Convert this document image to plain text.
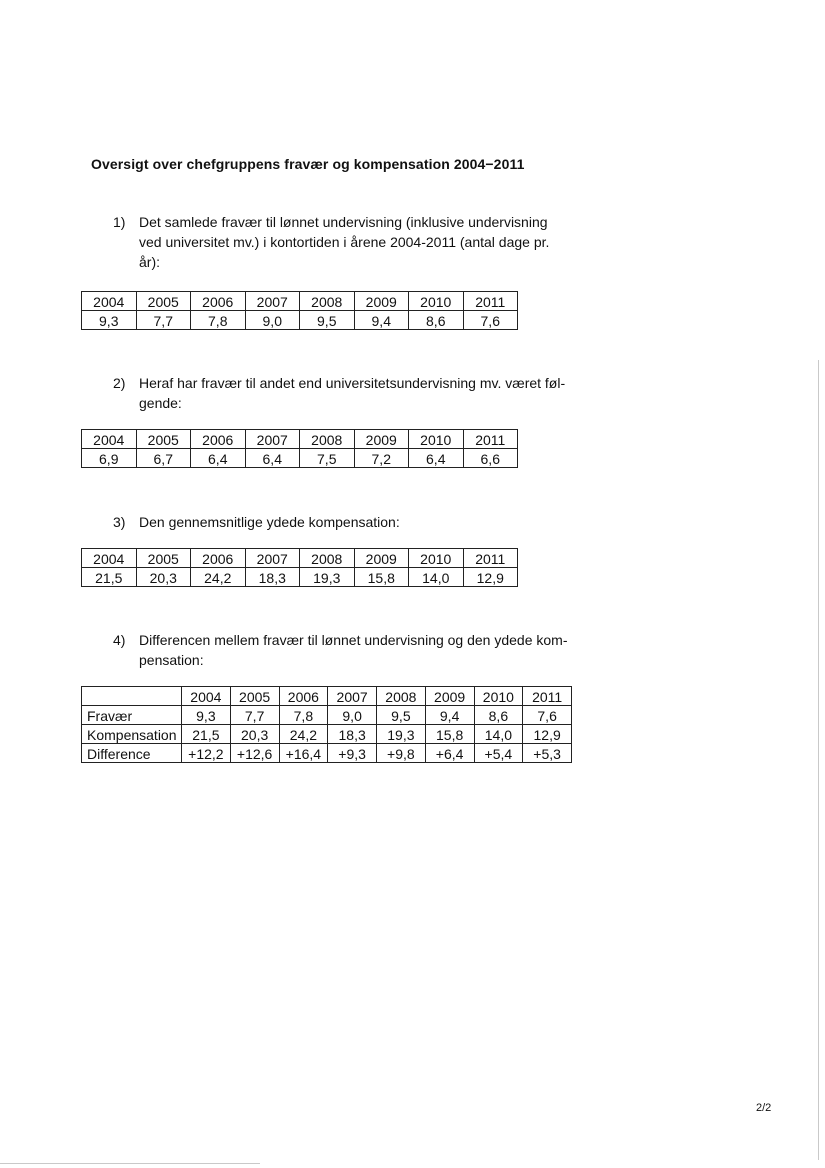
Oversigt over chefgruppens fravær og kompensation 2004−2011
1) Det samlede fravær til lønnet undervisning (inklusive undervisning
ved universitet mv.) i kontortiden i årene 2004-2011 (antal dage pr.
år):
2004	2005	2006	2007	2008	2009	2010	2011
9,3	7,7	7,8	9,0	9,5	9,4	8,6	7,6
2) Heraf har fravær til andet end universitetsundervisning mv. været føl-
gende:
2004	2005	2006	2007	2008	2009	2010	2011
6,9	6,7	6,4	6,4	7,5	7,2	6,4	6,6
3) Den gennemsnitlige ydede kompensation:
2004	2005	2006	2007	2008	2009	2010	2011
21,5	20,3	24,2	18,3	19,3	15,8	14,0	12,9
4) Differencen mellem fravær til lønnet undervisning og den ydede kom-
pensation:
	2004	2005	2006	2007	2008	2009	2010	2011
Fravær	9,3	7,7	7,8	9,0	9,5	9,4	8,6	7,6
Kompensation	21,5	20,3	24,2	18,3	19,3	15,8	14,0	12,9
Difference	+12,2	+12,6	+16,4	+9,3	+9,8	+6,4	+5,4	+5,3
2/2
